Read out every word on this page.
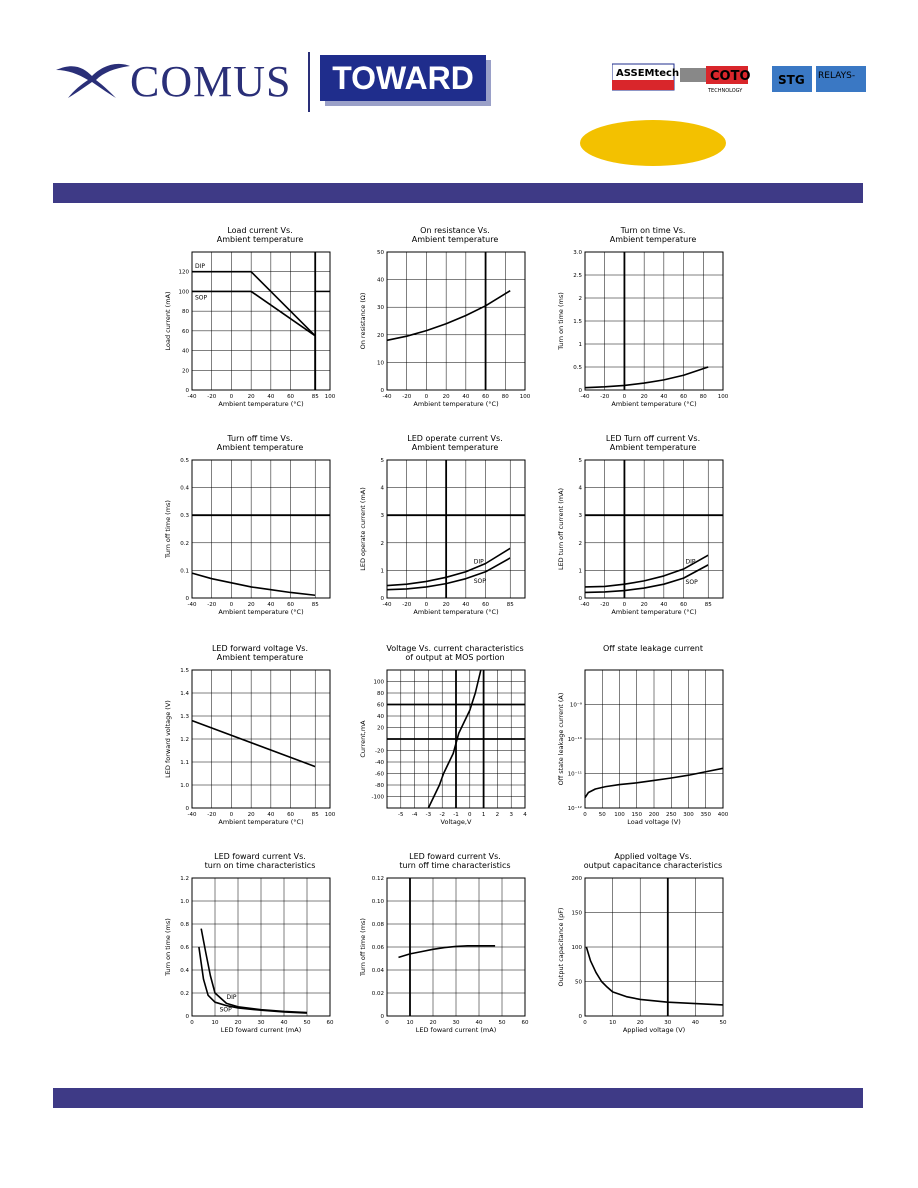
COMUS	TOWARD	ASSEMtech COTO
TECHNOLOGY
STG RELAYS-
Load current Vs.
Ambient temperature
-40 -20 0	20 40 60	85 100
0
20
40
60
80
100
120
DIP
SOP
Ambient temperature (°C)
Load current (mA)
On resistance Vs.
Ambient temperature
-40 -20 0	20 40 60 80 100
0
10
20
30
40
50
Ambient temperature (°C)
On resistance (Ω)
Turn on time Vs.
Ambient temperature
-40 -20 0	20 40 60 80 100
0
0.5
1
1.5
2
2.5
3.0
Ambient temperature (°C)
Turn on time (ms)
Turn off time Vs.
Ambient temperature
-40 -20 0	20 40 60	85
0
0.1
0.2
0.3
0.4
0.5
Ambient temperature (°C)
Turn off time (ms)
LED operate current Vs.
Ambient temperature
-40 -20 0	20 40 60	85
0
1
2
3
4
5
DIP
SOP
Ambient temperature (°C)
LED operate current (mA)
LED Turn off current Vs.
Ambient temperature
-40 -20 0	20 40 60	85
0
1
2
3
4
5
DIP
SOP
Ambient temperature (°C)
LED turn off current (mA)
LED forward voltage Vs.
Ambient temperature
-40 -20 0	20 40 60	85 100
0
1.0
1.1
1.2
1.3
1.4
1.5
Ambient temperature (°C)
LED forward voltage (V)
Voltage Vs. current characteristics
of output at MOS portion
-5 -4 -3 -2 -1 0 1 2 3 4
-100
-80
-60
-40
-20
20
40
60
80
100
Voltage,V
Current,mA
Off state leakage current
0 50 100 150 200 250 300 350 400
10⁻¹²
10⁻¹¹
10⁻¹⁰
10⁻⁹
Load voltage (V)
Off state leakage current (A)
LED foward current Vs.
turn on time characteristics
0	10	20	30	40	50	60
0
0.2
0.4
0.6
0.8
1.0
1.2
DIP
SOP
LED foward current (mA)
Turn on time (ms)
LED foward current Vs.
turn off time characteristics
0	10	20	30	40	50	60
0
0.02
0.04
0.06
0.08
0.10
0.12
LED foward current (mA)
Turn off time (ms)
Applied voltage Vs.
output capacitance characteristics
0	10	20	30	40	50
0
50
100
150
200
Applied voltage (V)
Output capacitance (pF)
